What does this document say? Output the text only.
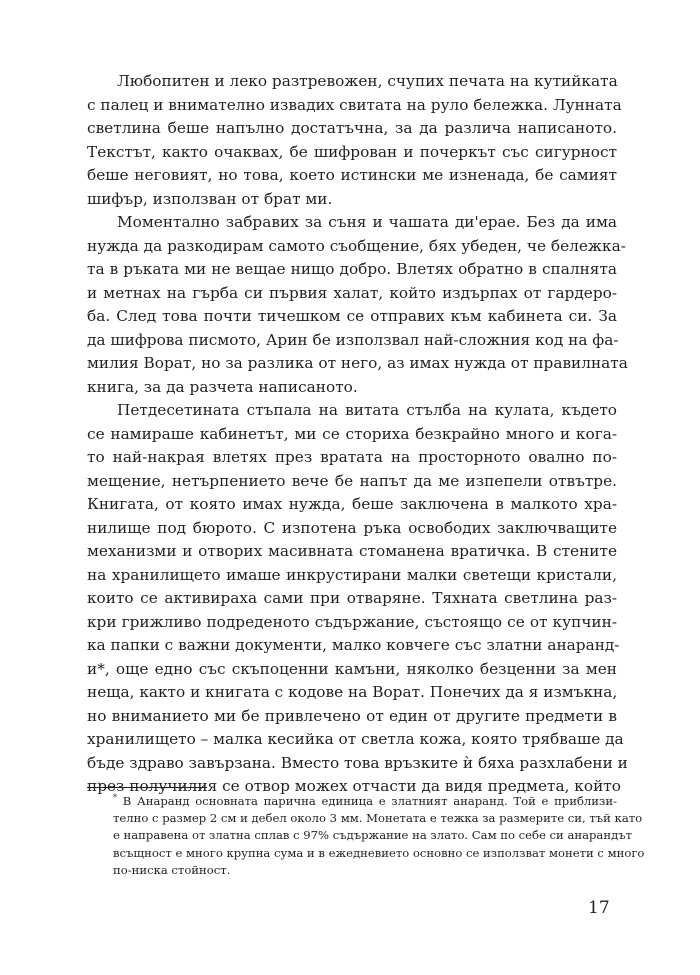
Любопитен и леко разтревожен, счупих печата на кутийката
с палец и внимателно извадих свитата на руло бележка. Лунната
светлина беше напълно достатъчна, за да различа написаното.
Текстът, както очаквах, бе шифрован и почеркът със сигурност
беше неговият, но това, което истински ме изненада, бе самият
шифър, използван от брат ми.

Моментално забравих за съня и чашата ди'ерае. Без да има
нужда да разкодирам самото съобщение, бях убеден, че бележка-
та в ръката ми не вещае нищо добро. Влетях обратно в спалнята
и метнах на гърба си първия халат, който издърпах от гардеро-
ба. След това почти тичешком се отправих към кабинета си. За
да шифрова писмото, Арин бе използвал най-сложния код на фа-
милия Ворат, но за разлика от него, аз имах нужда от правилната
книга, за да разчета написаното.

Петдесетината стъпала на витата стълба на кулата, където
се намираше кабинетът, ми се сториха безкрайно много и кога-
то най-накрая влетях през вратата на просторното овално по-
мещение, нетърпението вече бе напът да ме изпепели отвътре.
Книгата, от която имах нужда, беше заключена в малкото хра-
нилище под бюрото. С изпотена ръка освободих заключващите
механизми и отворих масивната стоманена вратичка. В стените
на хранилището имаше инкрустирани малки светещи кристали,
които се активираха сами при отваряне. Тяхната светлина раз-
кри грижливо подреденото съдържание, състоящо се от купчин-
ка папки с важни документи, малко ковчеге със златни анаранд-
и*, още едно със скъпоценни камъни, няколко безценни за мен
неща, както и книгата с кодове на Ворат. Понечих да я измъкна,
но вниманието ми бе привлечено от един от другите предмети в
хранилището – малка кесийка от светла кожа, която трябваше да
бъде здраво завързана. Вместо това връзките ѝ бяха разхлабени и
през получилия се отвор можех отчасти да видя предмета, който

* В Анаранд основната парична единица е златният анаранд. Той е приблизи-
телно с размер 2 см и дебел около 3 мм. Монетата е тежка за размерите си, тъй като
е направена от златна сплав с 97% съдържание на злато. Сам по себе си анарандът
всъщност е много крупна сума и в ежедневието основно се използват монети с много
по-ниска стойност.
17
